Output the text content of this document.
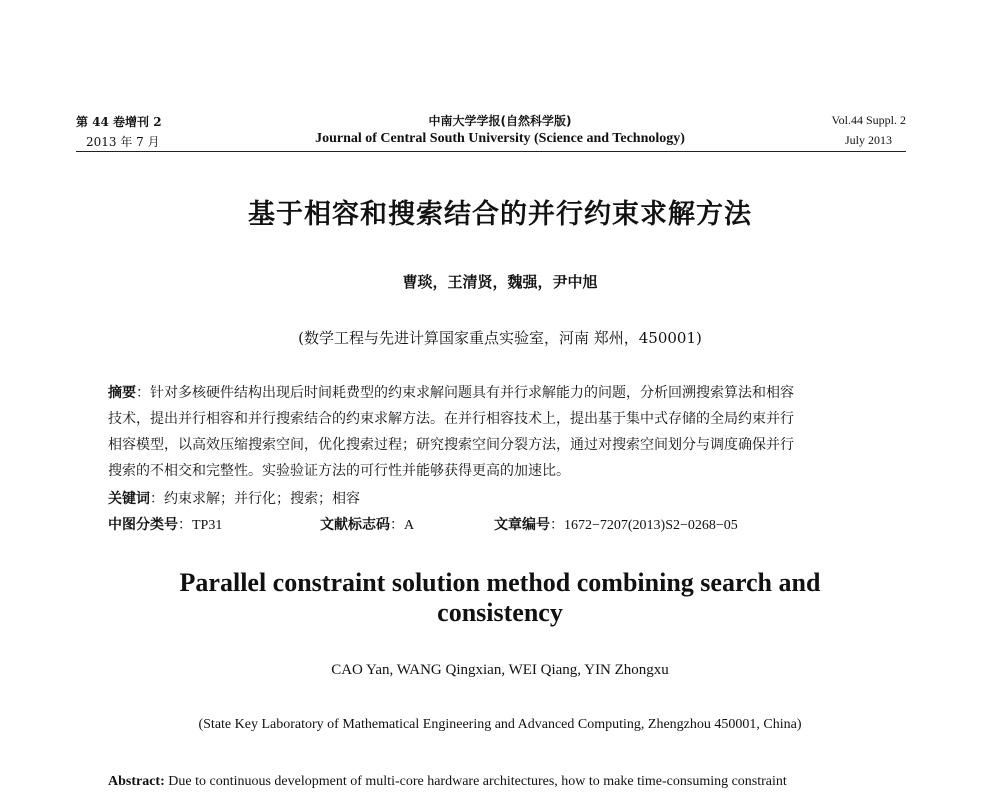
第 44 卷增刊 2
2013 年 7 月
中南大学学报(自然科学版)
Journal of Central South University (Science and Technology)
Vol.44 Suppl. 2
July 2013
基于相容和搜索结合的并行约束求解方法
曹琰，王清贤，魏强，尹中旭
(数学工程与先进计算国家重点实验室，河南 郑州，450001)
摘要：针对多核硬件结构出现后时间耗费型的约束求解问题具有并行求解能力的问题，分析回溯搜索算法和相容
技术，提出并行相容和并行搜索结合的约束求解方法。在并行相容技术上，提出基于集中式存储的全局约束并行
相容模型，以高效压缩搜索空间，优化搜索过程；研究搜索空间分裂方法，通过对搜索空间划分与调度确保并行
搜索的不相交和完整性。实验验证方法的可行性并能够获得更高的加速比。
关键词：约束求解；并行化；搜索；相容
中图分类号：TP31	文献标志码：A	文章编号：1672−7207(2013)S2−0268−05
Parallel constraint solution method combining search and
consistency
CAO Yan, WANG Qingxian, WEI Qiang, YIN Zhongxu
(State Key Laboratory of Mathematical Engineering and Advanced Computing, Zhengzhou 450001, China)
Abstract: Due to continuous development of multi-core hardware architectures, how to make time-consuming constraint
